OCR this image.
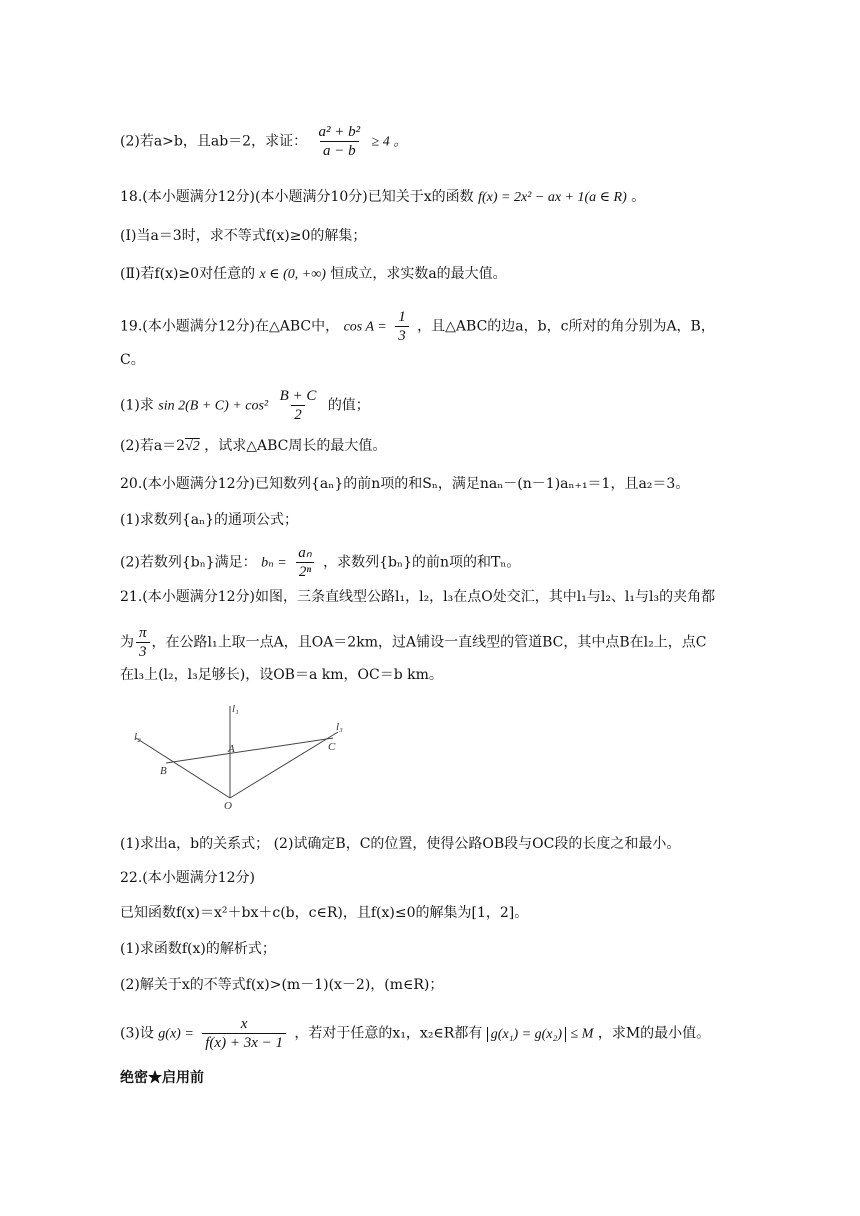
(2)若a>b，且ab＝2，求证： $\frac{\text{a² + b²}}{a - b} \ge 4$ 。
18.(本小题满分12分)(本小题满分10分)已知关于x的函数 f(x) = 2x² − ax + 1(a ∈ R) 。
(Ⅰ)当a＝3时，求不等式f(x)≥0的解集；
(Ⅱ)若f(x)≥0对任意的 x ∈ (0, +∞) 恒成立，求实数a的最大值。
19.(本小题满分12分)在△ABC中， $\cos A = \frac{1}{3}$ ，且△ABC的边a，b，c所对的角分别为A，B，
C。
(1)求 $\sin 2(B + C) + \cos^2 \frac{B + C}{2}$ 的值；
(2)若a＝2√2 ，试求△ABC周长的最大值。
20.(本小题满分12分)已知数列{aₙ}的前n项的和Sₙ，满足naₙ－(n－1)aₙ₊₁＝1，且a₂＝3。
(1)求数列{aₙ}的通项公式；
(2)若数列{bₙ}满足： $b_n = \frac{\text{aₙ}}{\text{2ⁿ}}$ ，求数列{bₙ}的前n项的和Tₙ。
21.(本小题满分12分)如图，三条直线型公路l₁，l₂，l₃在点O处交汇，其中l₁与l₂、l₁与l₃的夹角都
为 $\frac{\pi}{3}$ ，在公路l₁上取一点A，且OA＝2km，过A铺设一直线型的管道BC，其中点B在l₂上，点C
在l₃上(l₂，l₃足够长)，设OB＝a km，OC＝b km。
l₁
l₂
l₃
A
B
C
O
(1)求出a，b的关系式； (2)试确定B，C的位置，使得公路OB段与OC段的长度之和最小。
22.(本小题满分12分)
已知函数f(x)＝x²＋bx＋c(b，c∈R)，且f(x)≤0的解集为[1，2]。
(1)求函数f(x)的解析式；
(2)解关于x的不等式f(x)>(m－1)(x－2)，(m∈R)；
(3)设 $g(x) = \frac{x}{f(x) + 3x - 1}$ ，若对于任意的x₁，x₂∈R都有 g(x₁) = g(x₂) ≤ M ，求M的最小值。
绝密★启用前
